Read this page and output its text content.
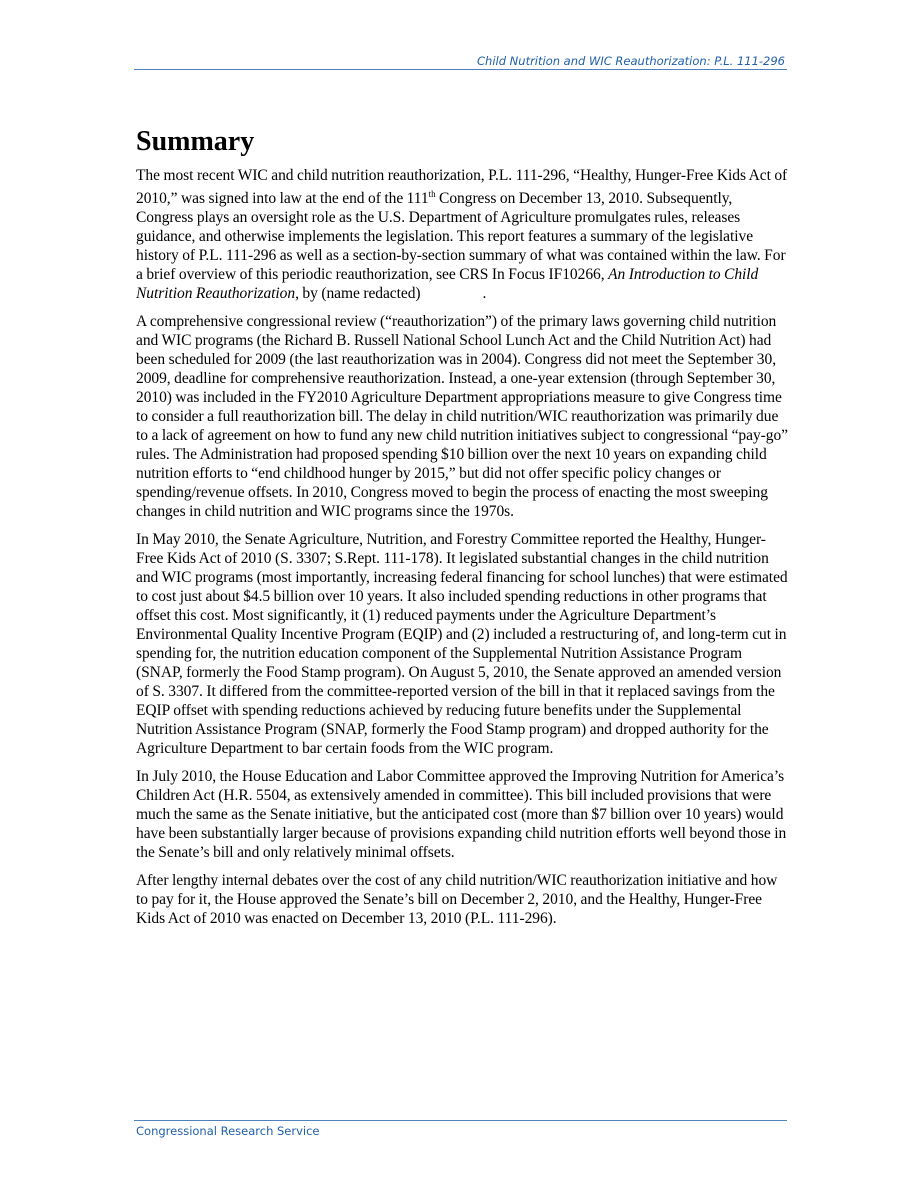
Child Nutrition and WIC Reauthorization: P.L. 111-296
Summary

The most recent WIC and child nutrition reauthorization, P.L. 111-296, “Healthy, Hunger-Free Kids Act of 2010,” was signed into law at the end of the 111th Congress on December 13, 2010. Subsequently, Congress plays an oversight role as the U.S. Department of Agriculture promulgates rules, releases guidance, and otherwise implements the legislation. This report features a summary of the legislative history of P.L. 111-296 as well as a section-by-section summary of what was contained within the law. For a brief overview of this periodic reauthorization, see CRS In Focus IF10266, An Introduction to Child Nutrition Reauthorization, by (name redacted)	.

A comprehensive congressional review (“reauthorization”) of the primary laws governing child nutrition and WIC programs (the Richard B. Russell National School Lunch Act and the Child Nutrition Act) had been scheduled for 2009 (the last reauthorization was in 2004). Congress did not meet the September 30, 2009, deadline for comprehensive reauthorization. Instead, a one-year extension (through September 30, 2010) was included in the FY2010 Agriculture Department appropriations measure to give Congress time to consider a full reauthorization bill. The delay in child nutrition/WIC reauthorization was primarily due to a lack of agreement on how to fund any new child nutrition initiatives subject to congressional “pay-go” rules. The Administration had proposed spending $10 billion over the next 10 years on expanding child nutrition efforts to “end childhood hunger by 2015,” but did not offer specific policy changes or spending/revenue offsets. In 2010, Congress moved to begin the process of enacting the most sweeping changes in child nutrition and WIC programs since the 1970s.

In May 2010, the Senate Agriculture, Nutrition, and Forestry Committee reported the Healthy, Hunger-Free Kids Act of 2010 (S. 3307; S.Rept. 111-178). It legislated substantial changes in the child nutrition and WIC programs (most importantly, increasing federal financing for school lunches) that were estimated to cost just about $4.5 billion over 10 years. It also included spending reductions in other programs that offset this cost. Most significantly, it (1) reduced payments under the Agriculture Department’s Environmental Quality Incentive Program (EQIP) and (2) included a restructuring of, and long-term cut in spending for, the nutrition education component of the Supplemental Nutrition Assistance Program (SNAP, formerly the Food Stamp program). On August 5, 2010, the Senate approved an amended version of S. 3307. It differed from the committee-reported version of the bill in that it replaced savings from the EQIP offset with spending reductions achieved by reducing future benefits under the Supplemental Nutrition Assistance Program (SNAP, formerly the Food Stamp program) and dropped authority for the Agriculture Department to bar certain foods from the WIC program.

In July 2010, the House Education and Labor Committee approved the Improving Nutrition for America’s Children Act (H.R. 5504, as extensively amended in committee). This bill included provisions that were much the same as the Senate initiative, but the anticipated cost (more than $7 billion over 10 years) would have been substantially larger because of provisions expanding child nutrition efforts well beyond those in the Senate’s bill and only relatively minimal offsets.

After lengthy internal debates over the cost of any child nutrition/WIC reauthorization initiative and how to pay for it, the House approved the Senate’s bill on December 2, 2010, and the Healthy, Hunger-Free Kids Act of 2010 was enacted on December 13, 2010 (P.L. 111-296).

Congressional Research Service
